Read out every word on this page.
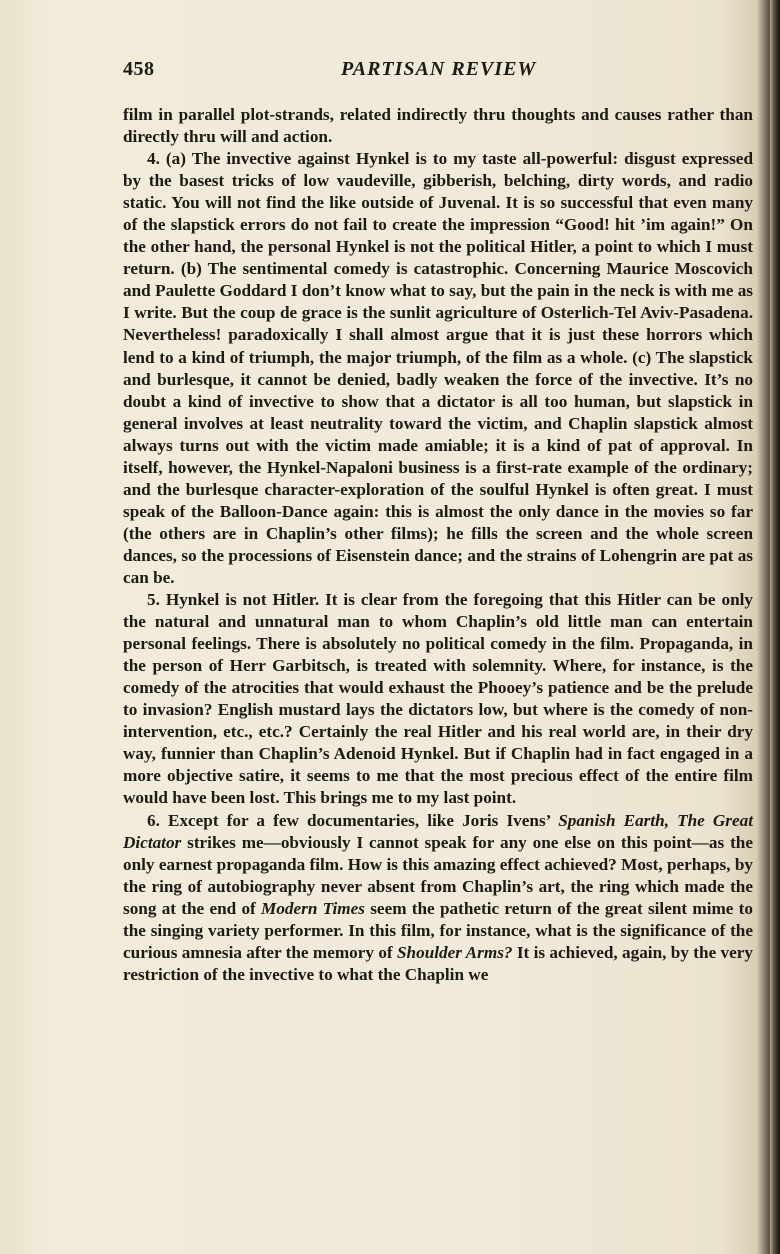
458	PARTISAN REVIEW

film in parallel plot-strands, related indirectly thru thoughts and causes rather than directly thru will and action.

4. (a) The invective against Hynkel is to my taste all-powerful: disgust expressed by the basest tricks of low vaudeville, gibberish, belching, dirty words, and radio static. You will not find the like outside of Juvenal. It is so successful that even many of the slapstick errors do not fail to create the impression “Good! hit ’im again!” On the other hand, the personal Hynkel is not the political Hitler, a point to which I must return. (b) The sentimental comedy is catastrophic. Concerning Maurice Moscovich and Paulette Goddard I don’t know what to say, but the pain in the neck is with me as I write. But the coup de grace is the sunlit agriculture of Osterlich-Tel Aviv-Pasadena. Nevertheless! paradoxically I shall almost argue that it is just these horrors which lend to a kind of triumph, the major triumph, of the film as a whole. (c) The slapstick and burlesque, it cannot be denied, badly weaken the force of the invective. It’s no doubt a kind of invective to show that a dictator is all too human, but slapstick in general involves at least neutrality toward the victim, and Chaplin slapstick almost always turns out with the victim made amiable; it is a kind of pat of approval. In itself, however, the Hynkel-Napaloni business is a first-rate example of the ordinary; and the burlesque character-exploration of the soulful Hynkel is often great. I must speak of the Balloon-Dance again: this is almost the only dance in the movies so far (the others are in Chaplin’s other films); he fills the screen and the whole screen dances, so the processions of Eisenstein dance; and the strains of Lohengrin are pat as can be.

5. Hynkel is not Hitler. It is clear from the foregoing that this Hitler can be only the natural and unnatural man to whom Chaplin’s old little man can entertain personal feelings. There is absolutely no political comedy in the film. Propaganda, in the person of Herr Garbitsch, is treated with solemnity. Where, for instance, is the comedy of the atrocities that would exhaust the Phooey’s patience and be the prelude to invasion? English mustard lays the dictators low, but where is the comedy of nonintervention, etc., etc.? Certainly the real Hitler and his real world are, in their dry way, funnier than Chaplin’s Adenoid Hynkel. But if Chaplin had in fact engaged in a more objective satire, it seems to me that the most precious effect of the entire film would have been lost. This brings me to my last point.

6. Except for a few documentaries, like Joris Ivens’ Spanish Earth, The Great Dictator strikes me—obviously I cannot speak for any one else on this point—as the only earnest propaganda film. How is this amazing effect achieved? Most, perhaps, by the ring of autobiography never absent from Chaplin’s art, the ring which made the song at the end of Modern Times seem the pathetic return of the great silent mime to the singing variety performer. In this film, for instance, what is the significance of the curious amnesia after the memory of Shoulder Arms? It is achieved, again, by the very restriction of the invective to what the Chaplin we
